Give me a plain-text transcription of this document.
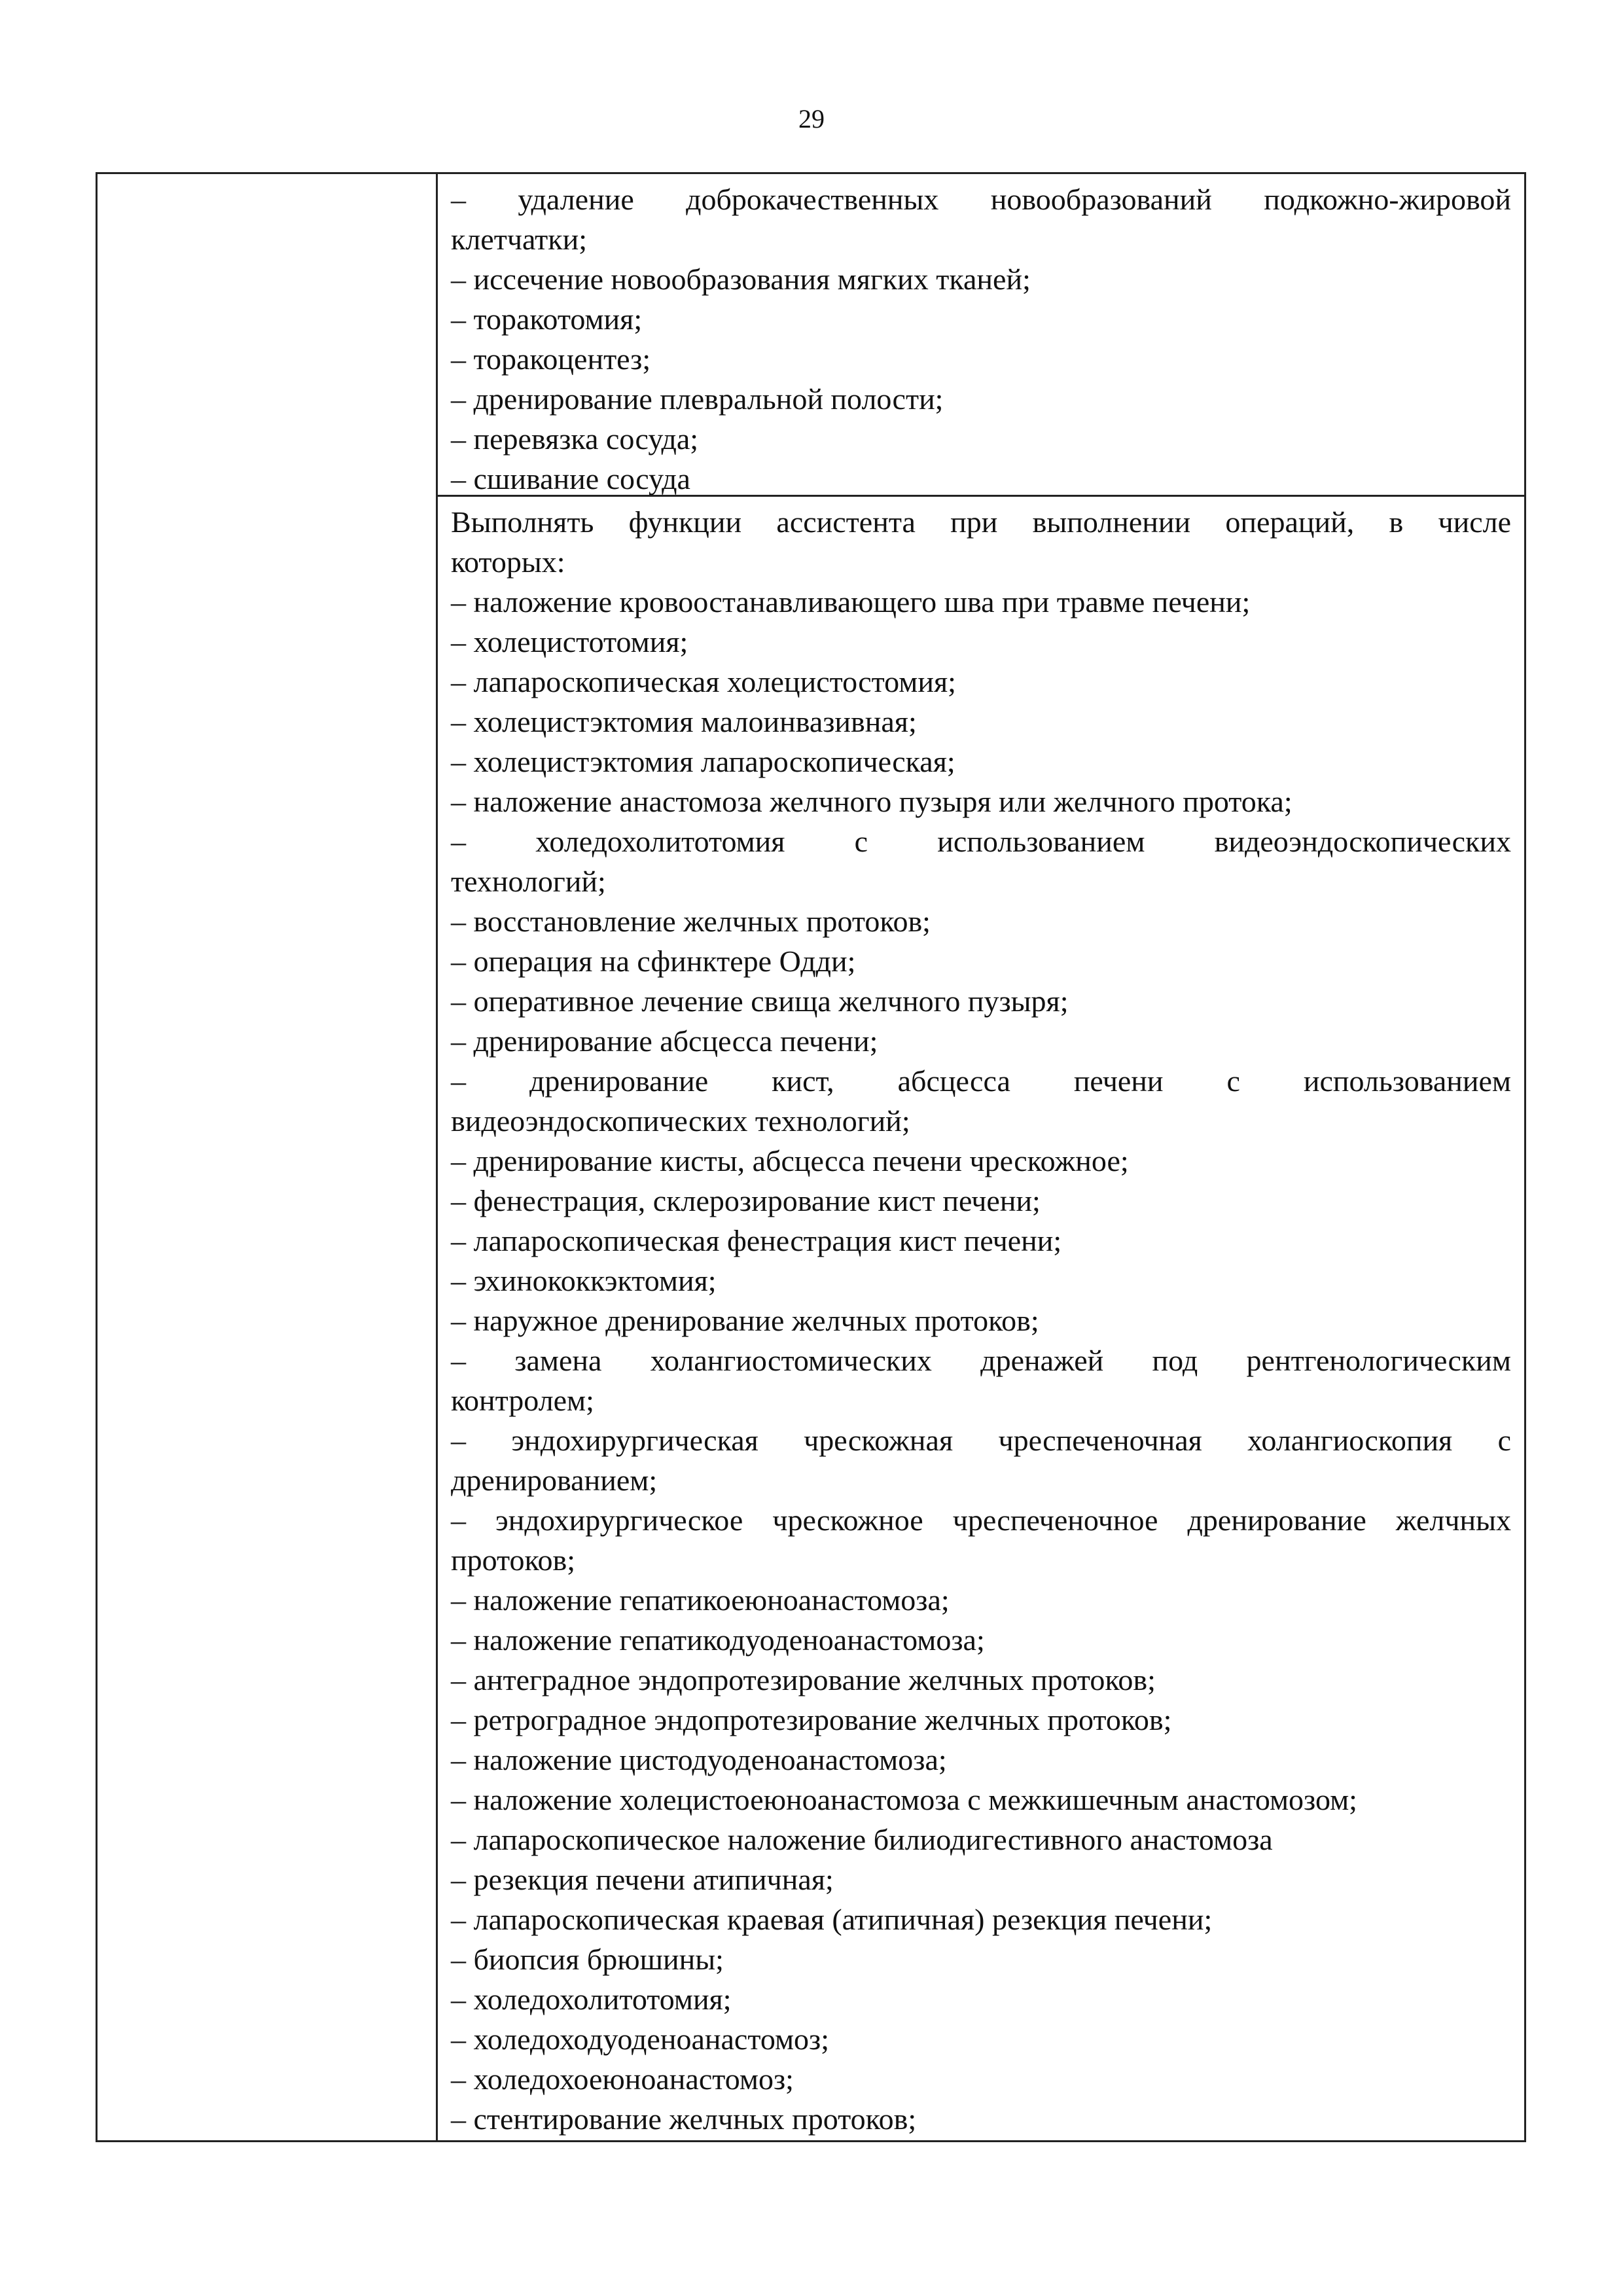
29
– удаление доброкачественных новообразований подкожно-жировой
клетчатки;
– иссечение новообразования мягких тканей;
– торакотомия;
– торакоцентез;
– дренирование плевральной полости;
– перевязка сосуда;
– сшивание сосуда
Выполнять функции ассистента при выполнении операций, в числе
которых:
– наложение кровоостанавливающего шва при травме печени;
– холецистотомия;
– лапароскопическая холецистостомия;
– холецистэктомия малоинвазивная;
– холецистэктомия лапароскопическая;
– наложение анастомоза желчного пузыря или желчного протока;
– холедохолитотомия с использованием видеоэндоскопических
технологий;
– восстановление желчных протоков;
– операция на сфинктере Одди;
– оперативное лечение свища желчного пузыря;
– дренирование абсцесса печени;
– дренирование кист, абсцесса печени с использованием
видеоэндоскопических технологий;
– дренирование кисты, абсцесса печени чрескожное;
– фенестрация, склерозирование кист печени;
– лапароскопическая фенестрация кист печени;
– эхинококкэктомия;
– наружное дренирование желчных протоков;
– замена холангиостомических дренажей под рентгенологическим
контролем;
– эндохирургическая чрескожная чреспеченочная холангиоскопия с
дренированием;
– эндохирургическое чрескожное чреспеченочное дренирование желчных
протоков;
– наложение гепатикоеюноанастомоза;
– наложение гепатикодуоденоанастомоза;
– антеградное эндопротезирование желчных протоков;
– ретроградное эндопротезирование желчных протоков;
– наложение цистодуоденоанастомоза;
– наложение холецистоеюноанастомоза с межкишечным анастомозом;
– лапароскопическое наложение билиодигестивного анастомоза
– резекция печени атипичная;
– лапароскопическая краевая (атипичная) резекция печени;
– биопсия брюшины;
– холедохолитотомия;
– холедоходуоденоанастомоз;
– холедохоеюноанастомоз;
– стентирование желчных протоков;
